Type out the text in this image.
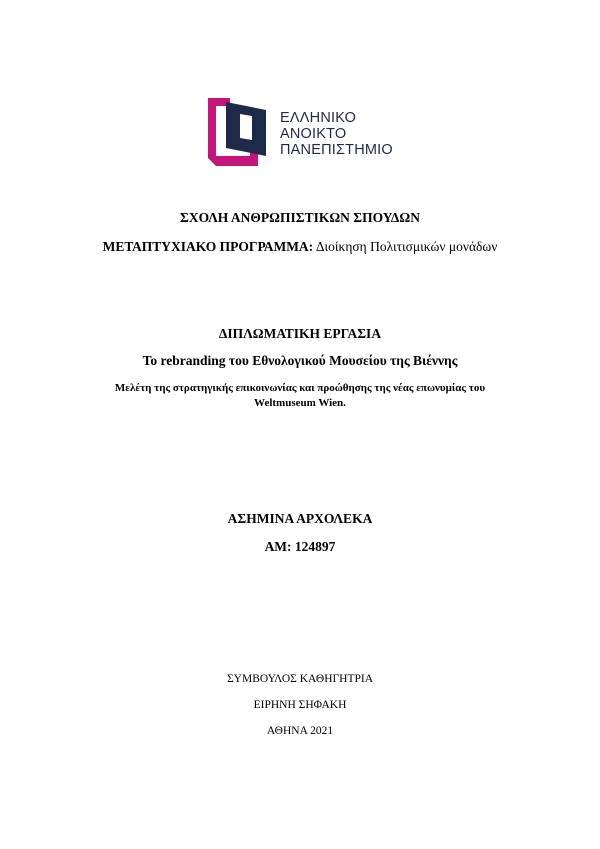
ΕΛΛΗΝΙΚΟ
ΑΝΟΙΚΤΟ
ΠΑΝΕΠΙΣΤΗΜΙΟ
ΣΧΟΛΗ ΑΝΘΡΩΠΙΣΤΙΚΩΝ ΣΠΟΥΔΩΝ
ΜΕΤΑΠΤΥΧΙΑΚΟ ΠΡΟΓΡΑΜΜΑ: Διοίκηση Πολιτισμικών μονάδων
ΔΙΠΛΩΜΑΤΙΚΗ ΕΡΓΑΣΙΑ
To rebranding του Εθνολογικού Μουσείου της Βιέννης
Μελέτη της στρατηγικής επικοινωνίας και προώθησης της νέας επωνυμίας του
Weltmuseum Wien.
ΑΣΗΜΙΝΑ ΑΡΧΟΛΕΚΑ
ΑΜ: 124897
ΣΥΜΒΟΥΛΟΣ ΚΑΘΗΓΗΤΡΙΑ
ΕΙΡΗΝΗ ΣΗΦΑΚΗ
ΑΘΗΝΑ 2021
